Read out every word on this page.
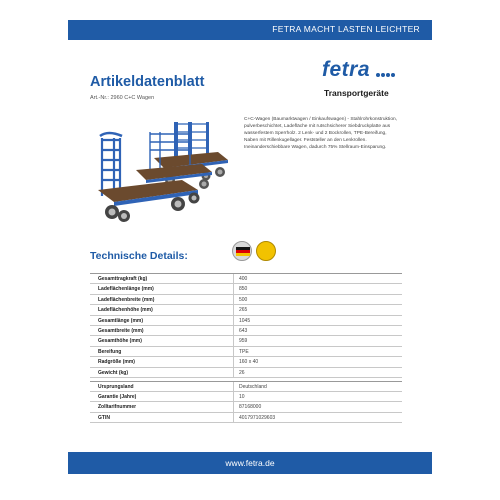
FETRA MACHT LASTEN LEICHTER
Artikeldatenblatt
Art.-Nr.: 2960 C+C Wagen
fetra
Transportgeräte
C+C-Wagen (Baumarktwagen / Einkaufswagen) - Stahlrohrkonstruktion, pulverbeschichtet, Ladefläche mit rutschsicherer Siebdruckplatte aus wasserfestem Sperrholz. 2 Lenk- und 2 Bockrollen, TPE-Bereifung, Naben mit Rillenkugellager. Feststeller an den Lenkrollen. Ineinanderschiebbare Wagen, dadurch 75% Stellraum-Einsparung.
Technische Details:
Gesamttragkraft (kg)	400
Ladeflächenlänge (mm)	850
Ladeflächenbreite (mm)	500
Ladeflächenhöhe (mm)	265
Gesamtlänge (mm)	1045
Gesamtbreite (mm)	643
Gesamthöhe (mm)	959
Bereifung	TPE
Radgröße (mm)	160 x 40
Gewicht (kg)	26
Ursprungsland	Deutschland
Garantie (Jahre)	10
Zolltarifnummer	87168000
GTIN	4017971029603
www.fetra.de
